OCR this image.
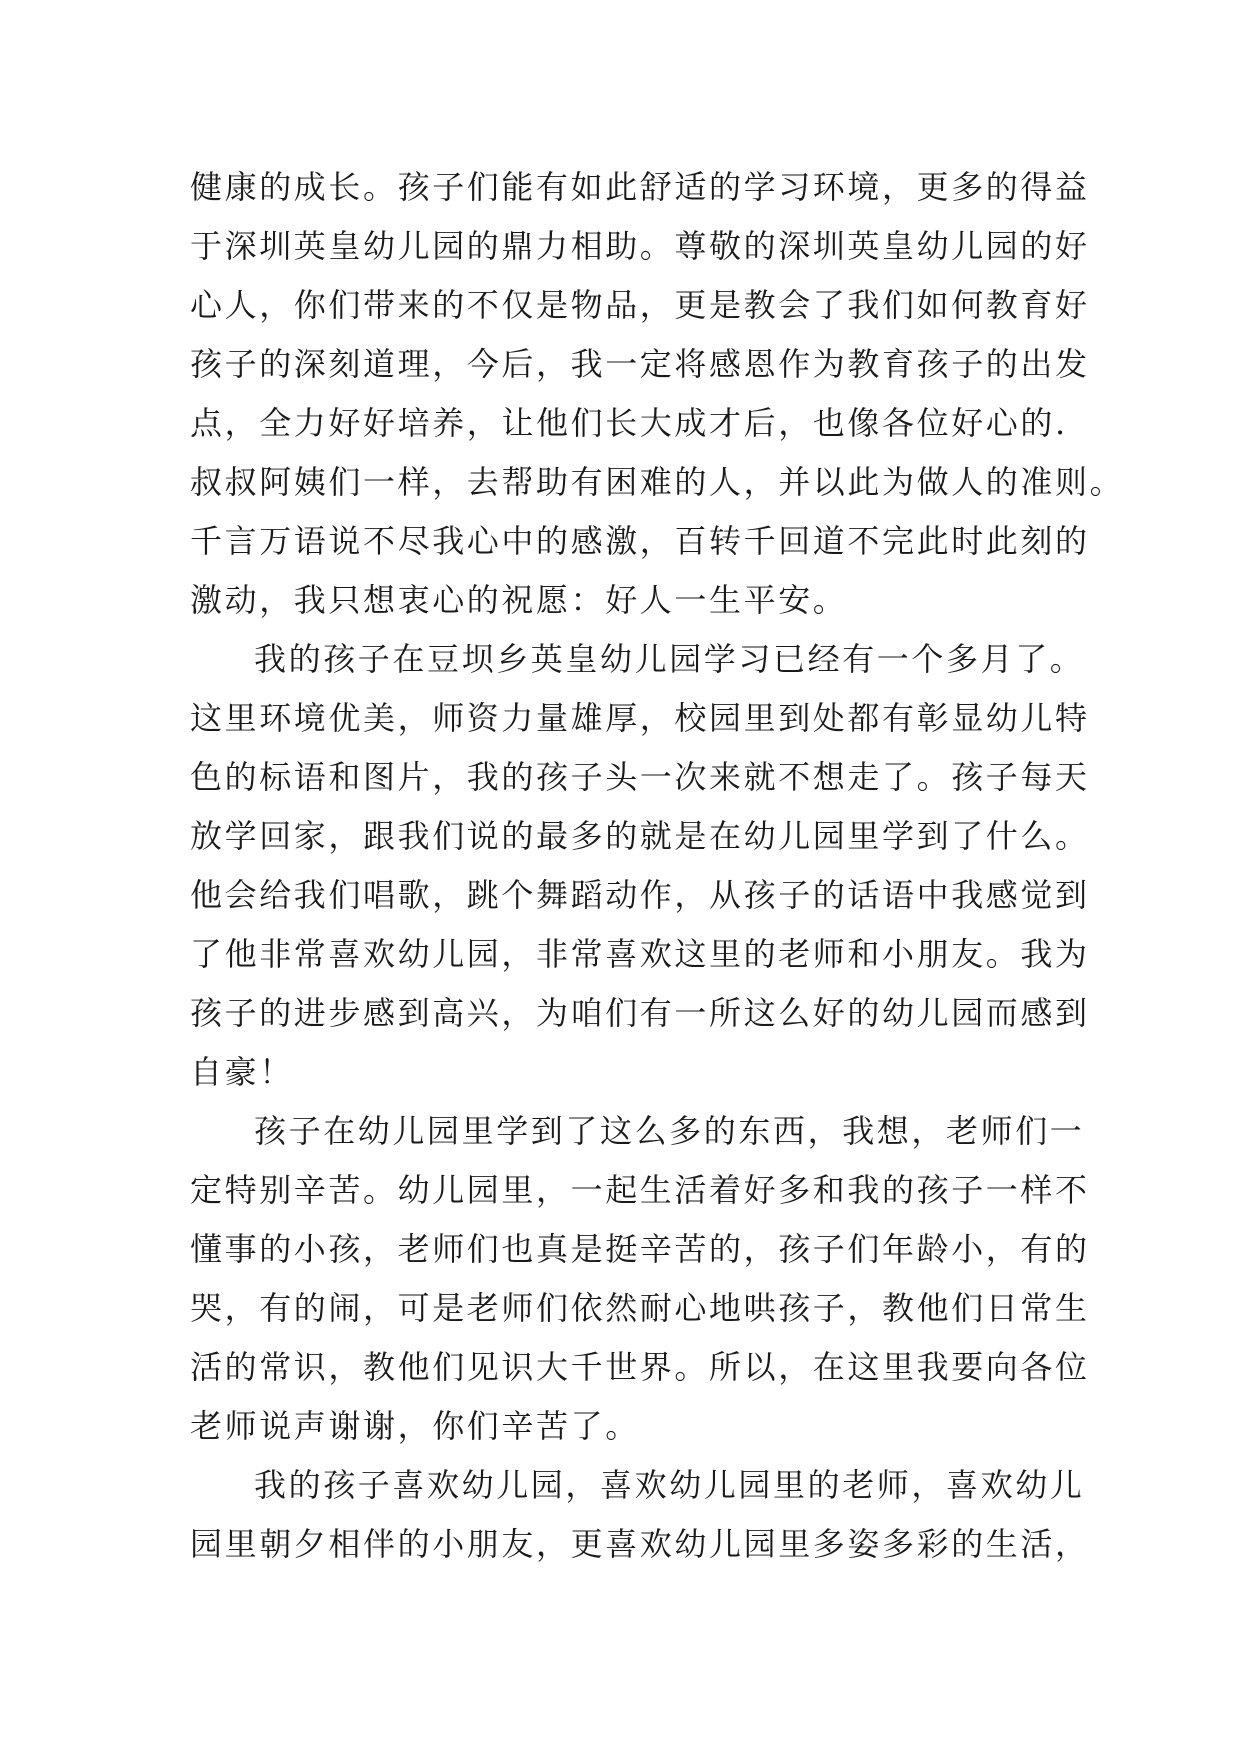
健康的成长。孩子们能有如此舒适的学习环境，更多的得益
于深圳英皇幼儿园的鼎力相助。尊敬的深圳英皇幼儿园的好
心人，你们带来的不仅是物品，更是教会了我们如何教育好
孩子的深刻道理，今后，我一定将感恩作为教育孩子的出发
点，全力好好培养，让他们长大成才后，也像各位好心的.
叔叔阿姨们一样，去帮助有困难的人，并以此为做人的准则。
千言万语说不尽我心中的感激，百转千回道不完此时此刻的
激动，我只想衷心的祝愿：好人一生平安。
我的孩子在豆坝乡英皇幼儿园学习已经有一个多月了。
这里环境优美，师资力量雄厚，校园里到处都有彰显幼儿特
色的标语和图片，我的孩子头一次来就不想走了。孩子每天
放学回家，跟我们说的最多的就是在幼儿园里学到了什么。
他会给我们唱歌，跳个舞蹈动作，从孩子的话语中我感觉到
了他非常喜欢幼儿园，非常喜欢这里的老师和小朋友。我为
孩子的进步感到高兴，为咱们有一所这么好的幼儿园而感到
自豪！
孩子在幼儿园里学到了这么多的东西，我想，老师们一
定特别辛苦。幼儿园里，一起生活着好多和我的孩子一样不
懂事的小孩，老师们也真是挺辛苦的，孩子们年龄小，有的
哭，有的闹，可是老师们依然耐心地哄孩子，教他们日常生
活的常识，教他们见识大千世界。所以，在这里我要向各位
老师说声谢谢，你们辛苦了。
我的孩子喜欢幼儿园，喜欢幼儿园里的老师，喜欢幼儿
园里朝夕相伴的小朋友，更喜欢幼儿园里多姿多彩的生活，
